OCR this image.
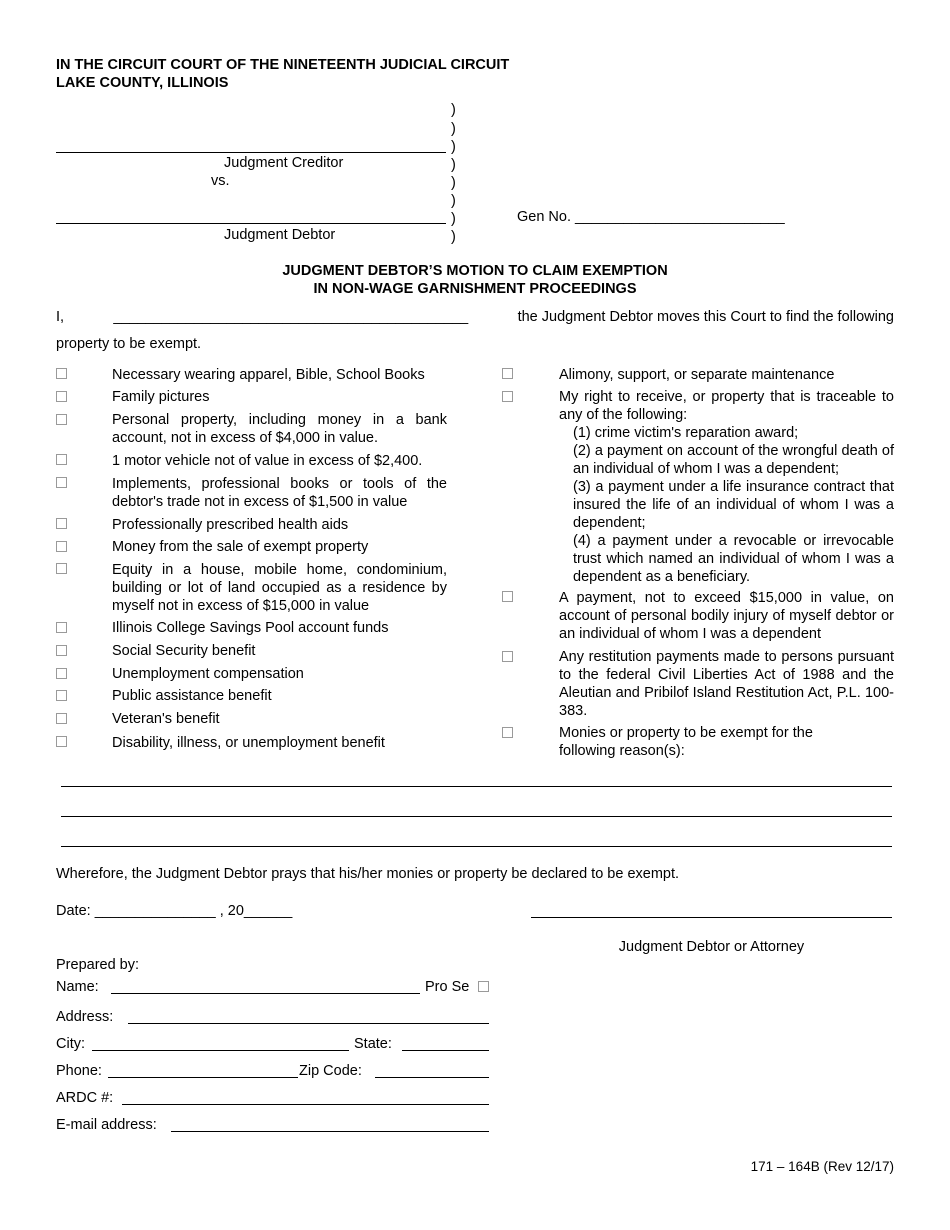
IN THE CIRCUIT COURT OF THE NINETEENTH JUDICIAL CIRCUIT
LAKE COUNTY, ILLINOIS
)
)
)
)
)
)
)
)
Judgment Creditor
vs.
Judgment Debtor
Gen No. __________________________
JUDGMENT DEBTOR’S MOTION TO CLAIM EXEMPTION
IN NON-WAGE GARNISHMENT PROCEEDINGS
I,	____________________________________________	the Judgment Debtor moves this Court to find the following
property to be exempt.
Necessary wearing apparel, Bible, School Books
Family pictures
Personal property, including money in a bank account, not in excess of $4,000 in value.
1 motor vehicle not of value in excess of $2,400.
Implements, professional books or tools of the debtor's trade not in excess of $1,500 in value
Professionally prescribed health aids
Money from the sale of exempt property
Equity in a house, mobile home, condominium, building or lot of land occupied as a residence by myself not in excess of $15,000 in value
Illinois College Savings Pool account funds
Social Security benefit
Unemployment compensation
Public assistance benefit
Veteran's benefit
Disability, illness, or unemployment benefit
Alimony, support, or separate maintenance
My right to receive, or property that is traceable to any of the following:
(1) crime victim's reparation award;
(2) a payment on account of the wrongful death of an individual of whom I was a dependent;
(3) a payment under a life insurance contract that insured the life of an individual of whom I was a dependent;
(4) a payment under a revocable or irrevocable trust which named an individual of whom I was a dependent as a beneficiary.
A payment, not to exceed $15,000 in value, on account of personal bodily injury of myself debtor or an individual of whom I was a dependent
Any restitution payments made to persons pursuant to the federal Civil Liberties Act of 1988 and the Aleutian and Pribilof Island Restitution Act, P.L. 100-383.
Monies or property to be exempt for the following reason(s):
Wherefore, the Judgment Debtor prays that his/her monies or property be declared to be exempt.
Date: _______________ , 20______
Judgment Debtor or Attorney
Prepared by:
Name:	Pro Se
Address:
City:	State:
Phone:	Zip Code:
ARDC #:
E-mail address:
171 – 164B (Rev 12/17)
